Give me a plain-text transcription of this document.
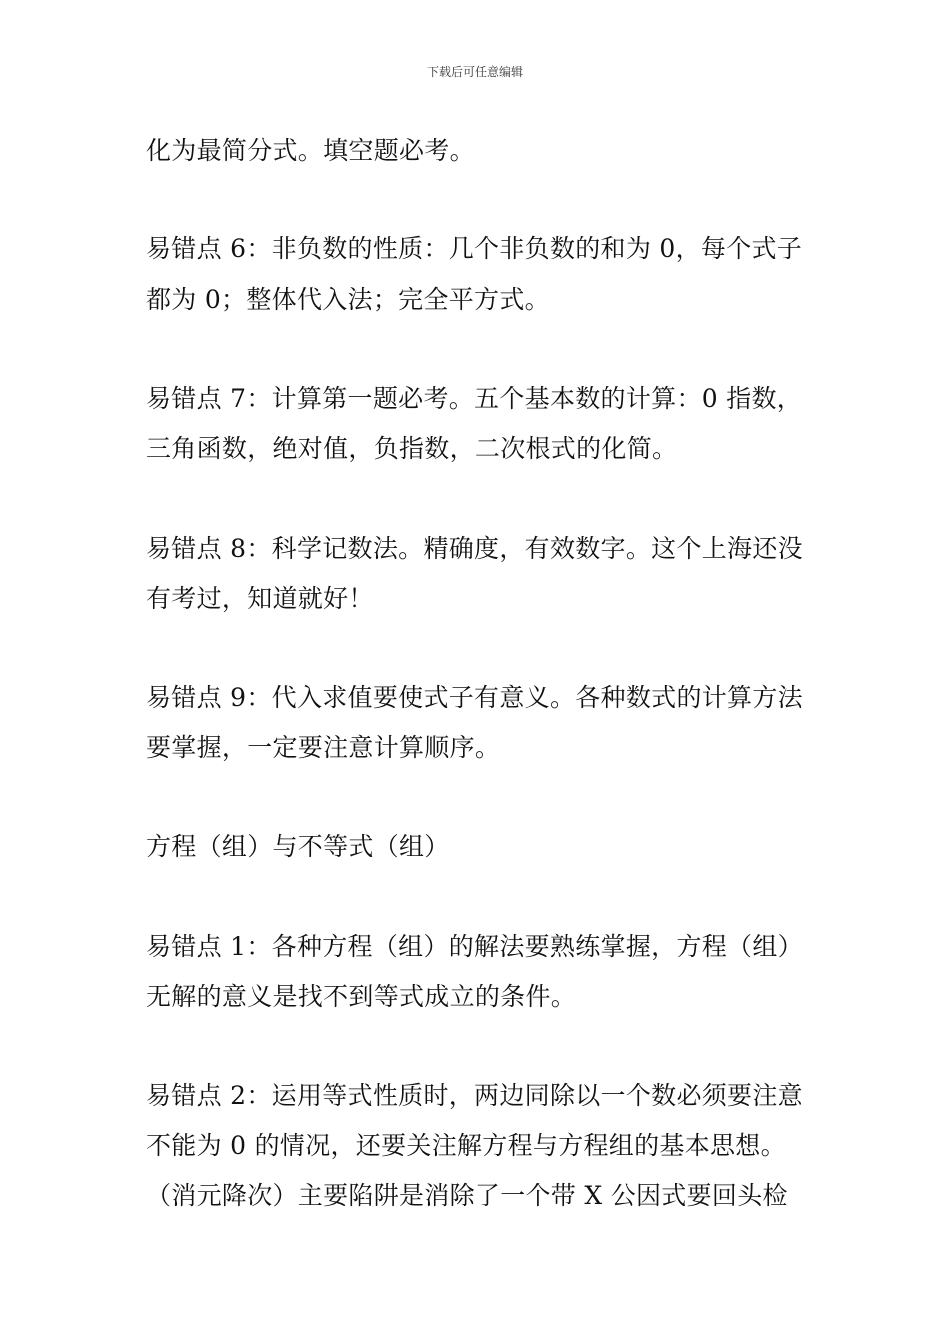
下载后可任意编辑
化为最简分式。填空题必考。
易错点 6：非负数的性质：几个非负数的和为 0，每个式子
都为 0；整体代入法；完全平方式。
易错点 7：计算第一题必考。五个基本数的计算：0 指数，
三角函数，绝对值，负指数，二次根式的化简。
易错点 8：科学记数法。精确度，有效数字。这个上海还没
有考过，知道就好！
易错点 9：代入求值要使式子有意义。各种数式的计算方法
要掌握，一定要注意计算顺序。
方程（组）与不等式（组）
易错点 1：各种方程（组）的解法要熟练掌握，方程（组）
无解的意义是找不到等式成立的条件。
易错点 2：运用等式性质时，两边同除以一个数必须要注意
不能为 0 的情况，还要关注解方程与方程组的基本思想。
（消元降次）主要陷阱是消除了一个带 X 公因式要回头检
